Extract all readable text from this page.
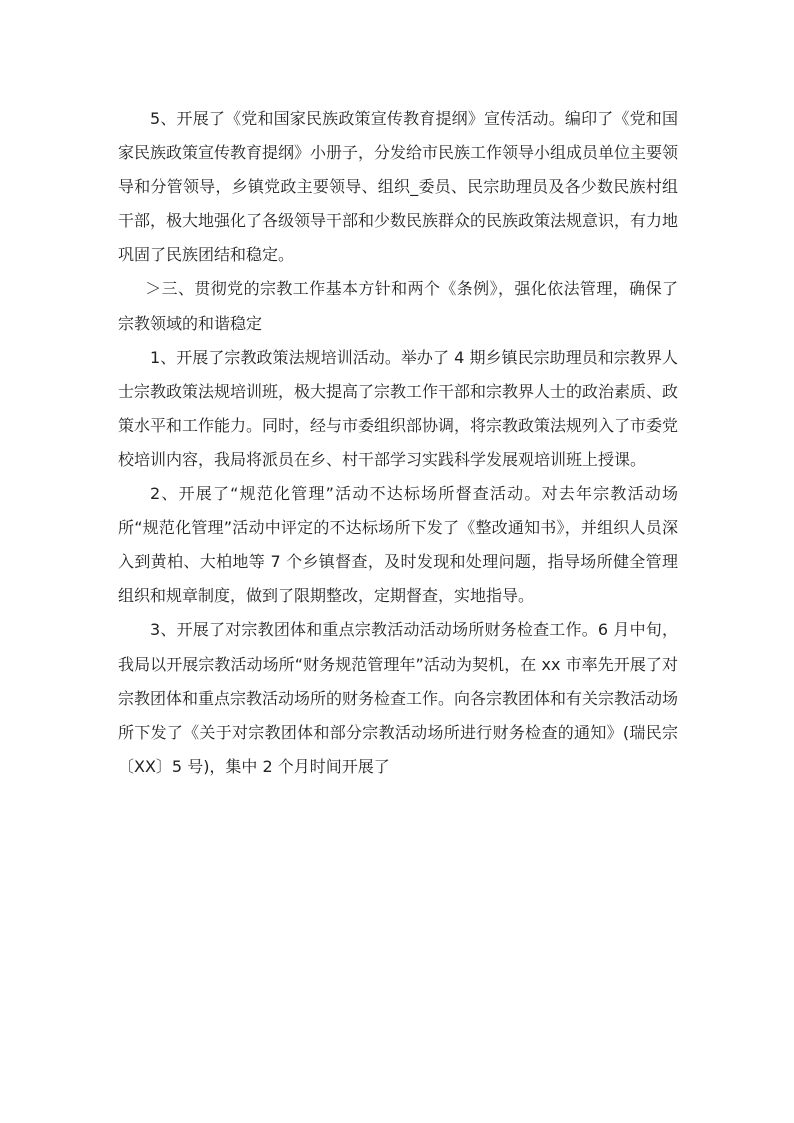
5、开展了《党和国家民族政策宣传教育提纲》宣传活动。编印了《党和国家民族政策宣传教育提纲》小册子，分发给市民族工作领导小组成员单位主要领导和分管领导，乡镇党政主要领导、组织_委员、民宗助理员及各少数民族村组干部，极大地强化了各级领导干部和少数民族群众的民族政策法规意识，有力地巩固了民族团结和稳定。

＞三、贯彻党的宗教工作基本方针和两个《条例》，强化依法管理，确保了宗教领域的和谐稳定

1、开展了宗教政策法规培训活动。举办了 4 期乡镇民宗助理员和宗教界人士宗教政策法规培训班，极大提高了宗教工作干部和宗教界人士的政治素质、政策水平和工作能力。同时，经与市委组织部协调，将宗教政策法规列入了市委党校培训内容，我局将派员在乡、村干部学习实践科学发展观培训班上授课。

2、开展了“规范化管理”活动不达标场所督查活动。对去年宗教活动场所“规范化管理”活动中评定的不达标场所下发了《整改通知书》，并组织人员深入到黄柏、大柏地等 7 个乡镇督查，及时发现和处理问题，指导场所健全管理组织和规章制度，做到了限期整改，定期督查，实地指导。

3、开展了对宗教团体和重点宗教活动活动场所财务检查工作。6 月中旬，我局以开展宗教活动场所“财务规范管理年”活动为契机，在 xx 市率先开展了对宗教团体和重点宗教活动场所的财务检查工作。向各宗教团体和有关宗教活动场所下发了《关于对宗教团体和部分宗教活动场所进行财务检查的通知》(瑞民宗〔XX〕5 号)，集中 2 个月时间开展了
